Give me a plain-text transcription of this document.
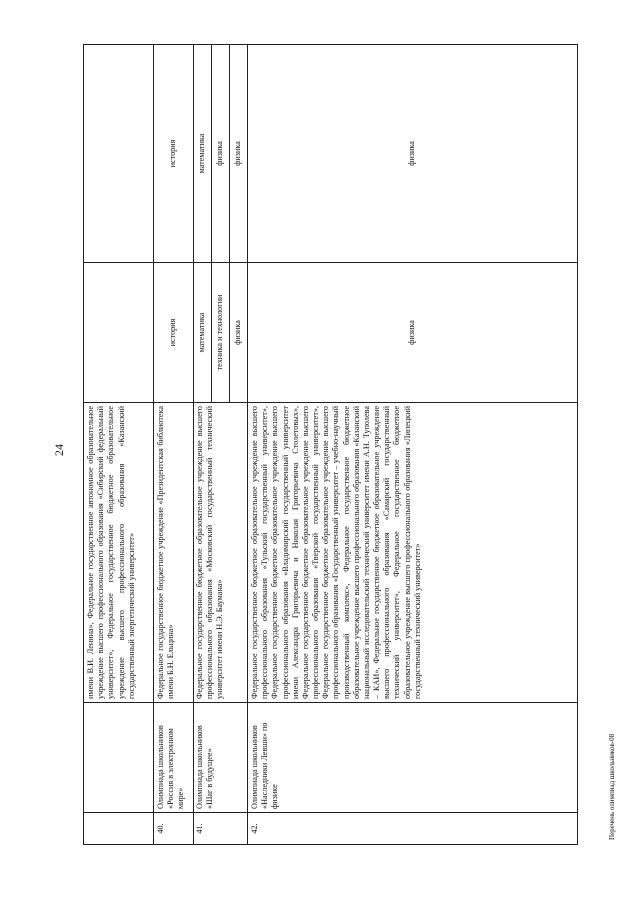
24
		имени В.И. Ленина», Федеральное государственное автономное образовательное учреждение высшего профессионального образования «Сибирский федеральный университет», Федеральное государственное бюджетное образовательное учреждение высшего профессионального образования «Казанский государственный энергетический университет»		
40.	Олимпиада школьников «Россия в электронном мире»	Федеральное государственное бюджетное учреждение «Президентская библиотека имени Б.Н. Ельцина»	история	история
41.	Олимпиада школьников «Шаг в будущее»	Федеральное государственное бюджетное образовательное учреждение высшего профессионального образования «Московский государственный технический университет имени Н.Э. Баумана»	математика	математика
			техника и технологии	физика
			физика	физика
42.	Олимпиада школьников «Наследники Левши» по физике	Федеральное государственное бюджетное образовательное учреждение высшего профессионального образования «Тульский государственный университет», Федеральное государственное бюджетное образовательное учреждение высшего профессионального образования «Владимирский государственный университет имени Александра Григорьевича и Николая Григорьевича Столетовых», Федеральное государственное бюджетное образовательное учреждение высшего профессионального образования «Тверской государственный университет», Федеральное государственное бюджетное образовательное учреждение высшего профессионального образования «Государственный университет – учебно-научный производственный комплекс», Федеральное государственное бюджетное образовательное учреждение высшего профессионального образования «Казанский национальный исследовательский технический университет имени А.Н. Туполева – КАИ», Федеральное государственное бюджетное образовательное учреждение высшего профессионального образования «Самарский государственный технический университет», Федеральное государственное бюджетное образовательное учреждение высшего профессионального образования «Липецкий государственный технический университет»	физика	физика
Перечень олимпиад школьников-08
